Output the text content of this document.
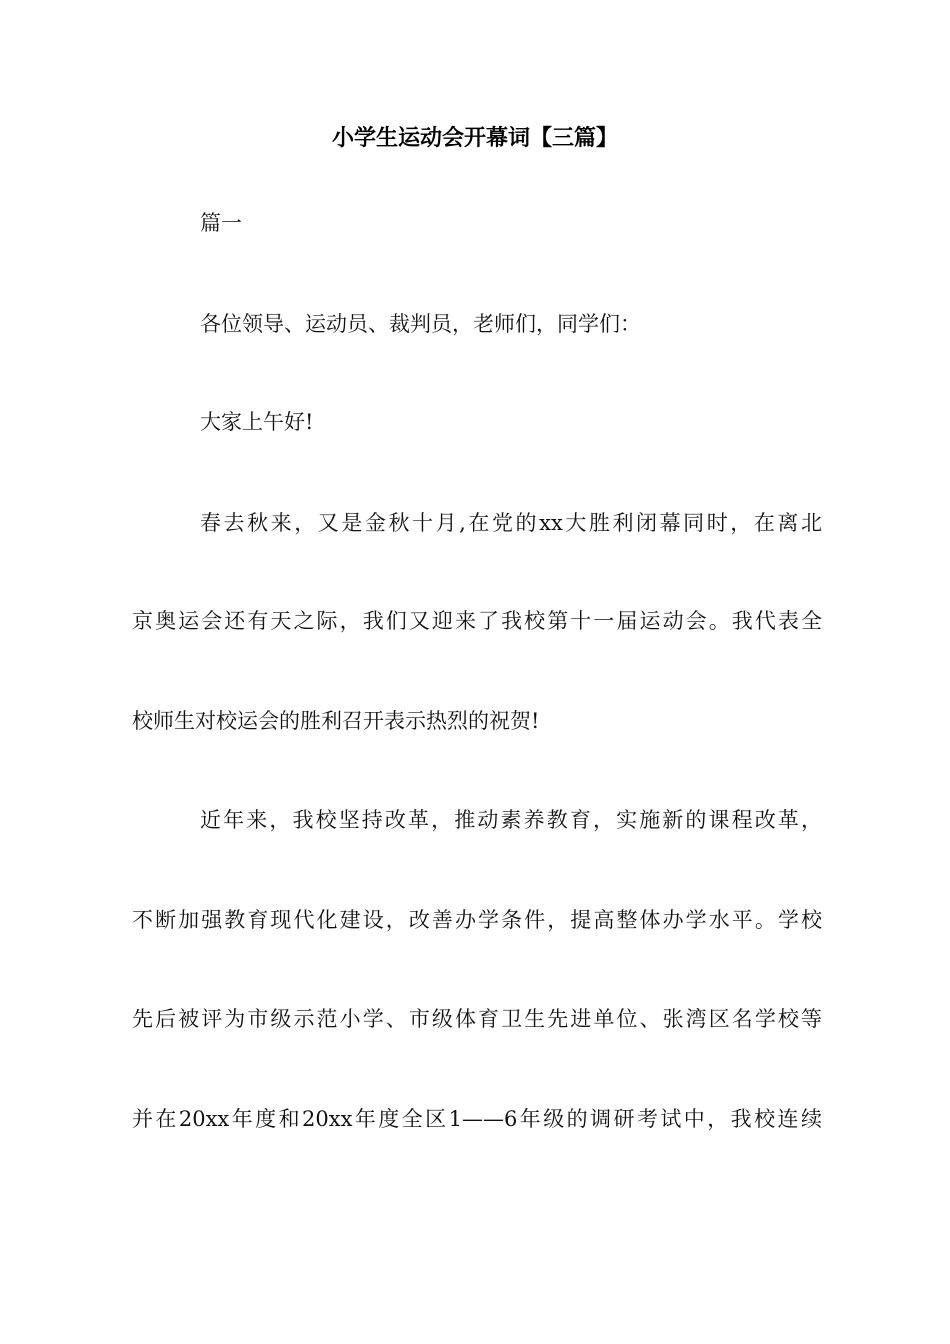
小学生运动会开幕词【三篇】
篇一
各位领导、运动员、裁判员，老师们，同学们：
大家上午好!
春去秋来，又是金秋十月,在党的xx大胜利闭幕同时，在离北
京奥运会还有天之际，我们又迎来了我校第十一届运动会。我代表全
校师生对校运会的胜利召开表示热烈的祝贺!
近年来，我校坚持改革，推动素养教育，实施新的课程改革，
不断加强教育现代化建设，改善办学条件，提高整体办学水平。学校
先后被评为市级示范小学、市级体育卫生先进单位、张湾区名学校等
并在20xx年度和20xx年度全区1——6年级的调研考试中，我校连续
